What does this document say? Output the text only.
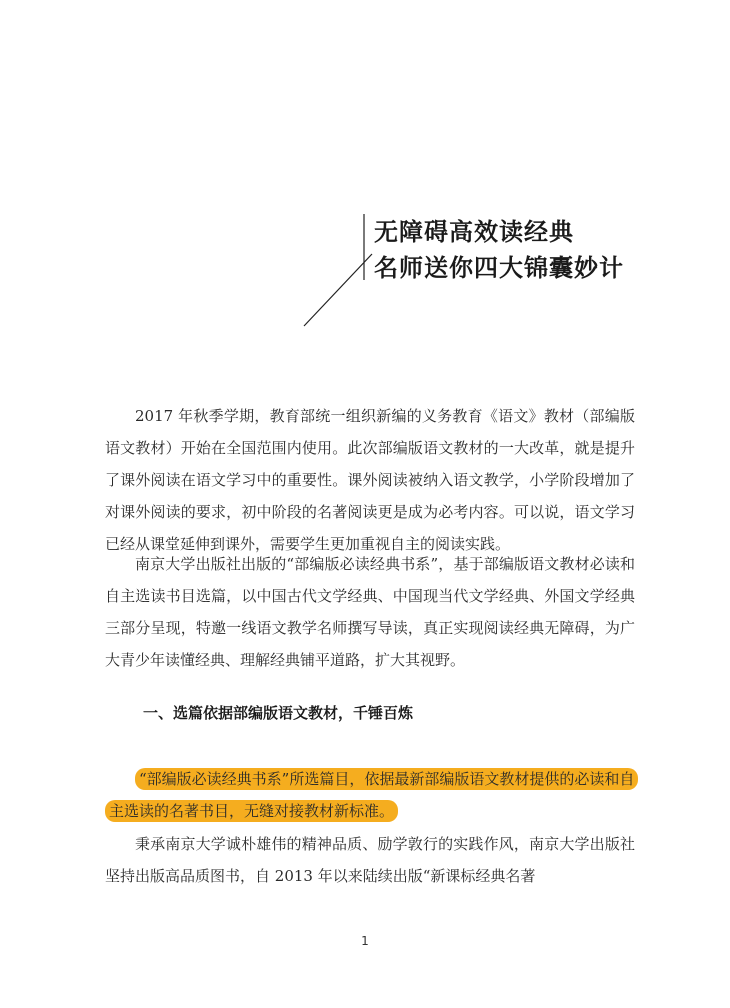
无障碍高效读经典
名师送你四大锦囊妙计

2017 年秋季学期，教育部统一组织新编的义务教育《语文》教材（部编版语文教材）开始在全国范围内使用。此次部编版语文教材的一大改革，就是提升了课外阅读在语文学习中的重要性。课外阅读被纳入语文教学，小学阶段增加了对课外阅读的要求，初中阶段的名著阅读更是成为必考内容。可以说，语文学习已经从课堂延伸到课外，需要学生更加重视自主的阅读实践。

南京大学出版社出版的“部编版必读经典书系”，基于部编版语文教材必读和自主选读书目选篇，以中国古代文学经典、中国现当代文学经典、外国文学经典三部分呈现，特邀一线语文教学名师撰写导读，真正实现阅读经典无障碍，为广大青少年读懂经典、理解经典铺平道路，扩大其视野。

一、选篇依据部编版语文教材，千锤百炼

“部编版必读经典书系”所选篇目，依据最新部编版语文教材提供的必读和自主选读的名著书目，无缝对接教材新标准。

秉承南京大学诚朴雄伟的精神品质、励学敦行的实践作风，南京大学出版社坚持出版高品质图书，自 2013 年以来陆续出版“新课标经典名著

1
